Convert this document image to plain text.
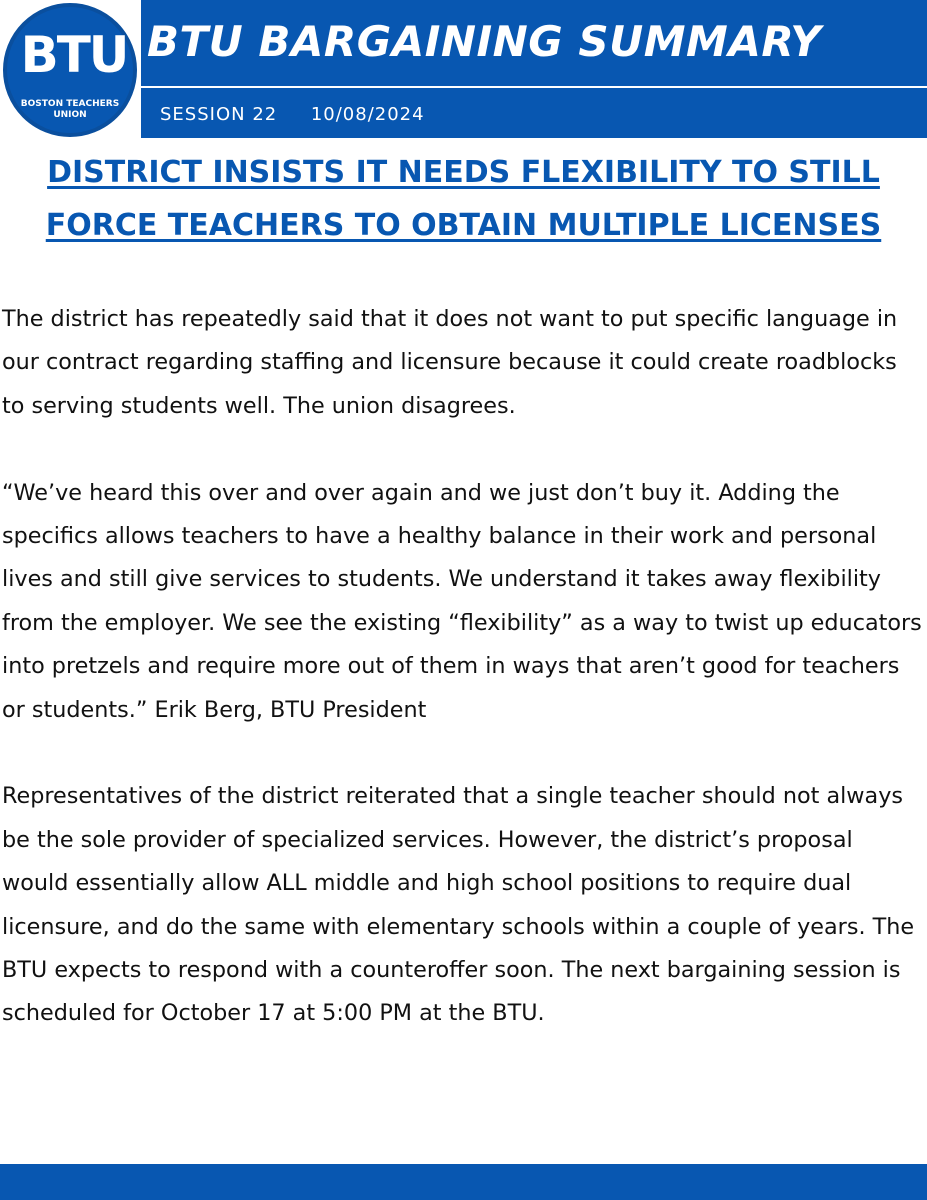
BTU
BOSTON TEACHERS
UNION
BTU BARGAINING SUMMARY
SESSION 22     10/08/2024
DISTRICT INSISTS IT NEEDS FLEXIBILITY TO STILL FORCE TEACHERS TO OBTAIN MULTIPLE LICENSES

The district has repeatedly said that it does not want to put specific language in our contract regarding staffing and licensure because it could create roadblocks to serving students well. The union disagrees.

“We’ve heard this over and over again and we just don’t buy it. Adding the specifics allows teachers to have a healthy balance in their work and personal lives and still give services to students. We understand it takes away flexibility from the employer. We see the existing “flexibility” as a way to twist up educators into pretzels and require more out of them in ways that aren’t good for teachers or students.” Erik Berg, BTU President

Representatives of the district reiterated that a single teacher should not always be the sole provider of specialized services. However, the district’s proposal would essentially allow ALL middle and high school positions to require dual licensure, and do the same with elementary schools within a couple of years. The BTU expects to respond with a counteroffer soon. The next bargaining session is scheduled for October 17 at 5:00 PM at the BTU.
